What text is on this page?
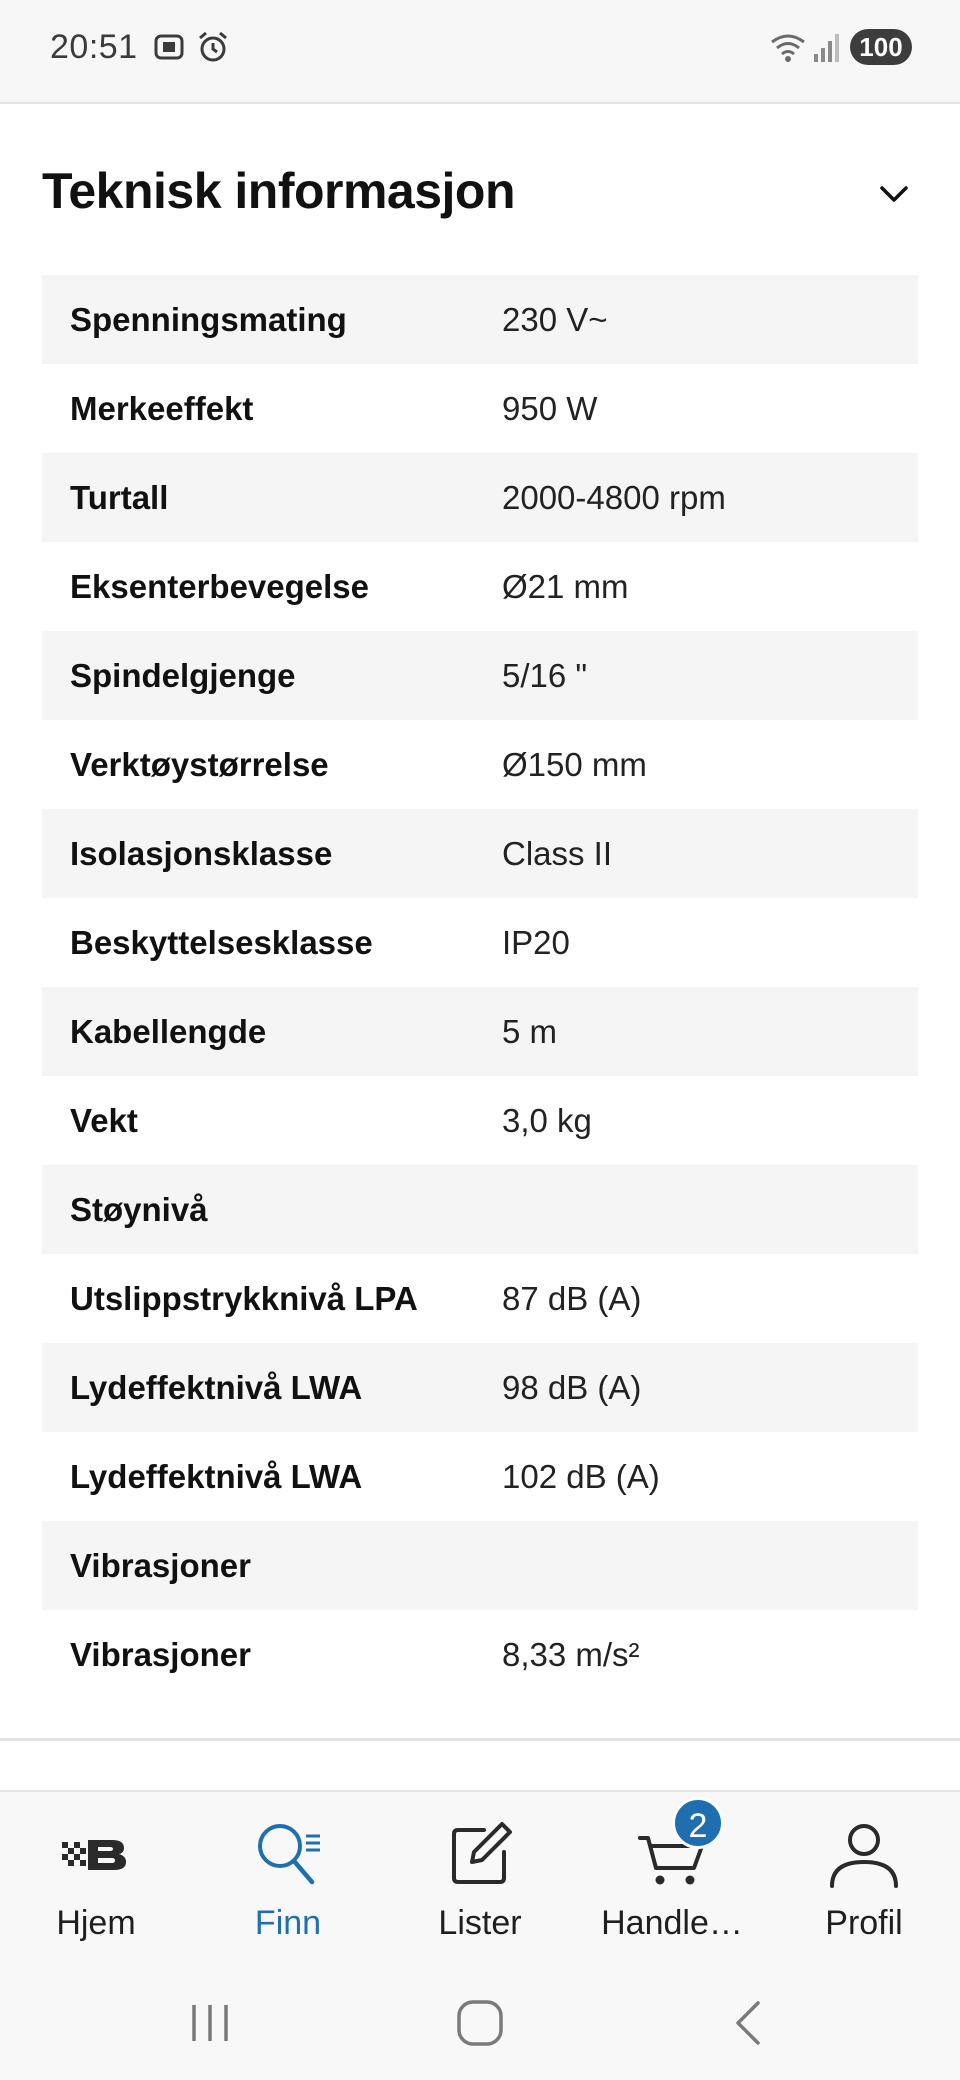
20:51	100
Teknisk informasjon
Spenningsmating	230 V~
Merkeeffekt	950 W
Turtall	2000-4800 rpm
Eksenterbevegelse	Ø21 mm
Spindelgjenge	5/16 "
Verktøystørrelse	Ø150 mm
Isolasjonsklasse	Class II
Beskyttelsesklasse	IP20
Kabellengde	5 m
Vekt	3,0 kg
Støynivå
Utslippstrykknivå LPA	87 dB (A)
Lydeffektnivå LWA	98 dB (A)
Lydeffektnivå LWA	102 dB (A)
Vibrasjoner
Vibrasjoner	8,33 m/s²
Hjem	Finn	Lister	Handle…	Profil
2
